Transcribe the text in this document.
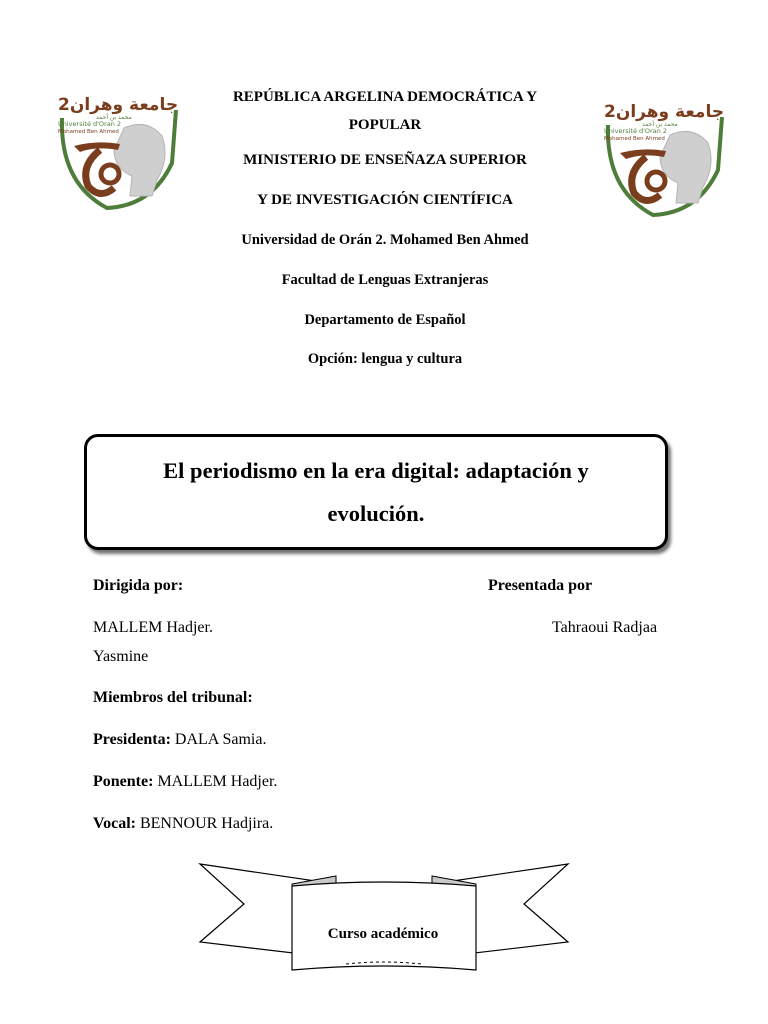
جامعة وهران2
محمد بن أحمد
Université d'Oran 2
Mohamed Ben Ahmed
جامعة وهران2
محمد بن أحمد
Université d'Oran 2
Mohamed Ben Ahmed
REPÚBLICA ARGELINA DEMOCRÁTICA Y
POPULAR
MINISTERIO DE ENSEÑAZA SUPERIOR
Y DE INVESTIGACIÓN CIENTÍFICA
Universidad de Orán 2. Mohamed Ben Ahmed
Facultad de Lenguas Extranjeras
Departamento de Español
Opción: lengua y cultura
El periodismo en la era digital: adaptación y
evolución.
Dirigida por:	Presentada por
MALLEM Hadjer.	Tahraoui Radjaa
Yasmine
Miembros del tribunal:
Presidenta: DALA Samia.
Ponente: MALLEM Hadjer.
Vocal: BENNOUR Hadjira.
Curso académico
